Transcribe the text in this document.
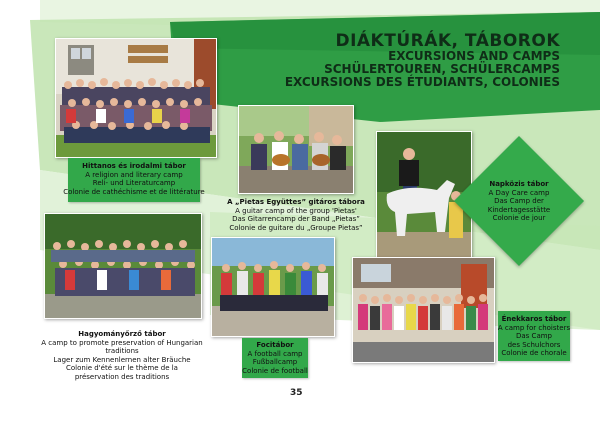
DIÁKTÚRÁK, TÁBOROK
EXCURSIONS AND CAMPS
SCHÜLERTOUREN, SCHÜLERCAMPS
EXCURSIONS DES ÉTUDIANTS, COLONIES
Hittanos és irodalmi tábor
A religion and literary camp
Reli- und Literaturcamp
Colonie de cathéchisme et de littérature
A „Pietas Együttes” gitáros tábora
A guitar camp of the group 'Pietas'
Das Gitarrencamp der Band „Pietas”
Colonie de guitare du „Groupe Pietas”
Napközis tábor
A Day Care camp
Das Camp der
Kindertagesstätte
Colonie de jour
Hagyományőrző tábor
A camp to promote preservation of Hungarian traditions
Lager zum Kennenlernen alter Bräuche
Colonie d'été sur le thème de la
préservation des traditions
Focitábor
A football camp
Fußballcamp
Colonie de football
Énekkaros tábor
A camp for choisters
Das Camp
des Schulchors
Colonie de chorale
35
